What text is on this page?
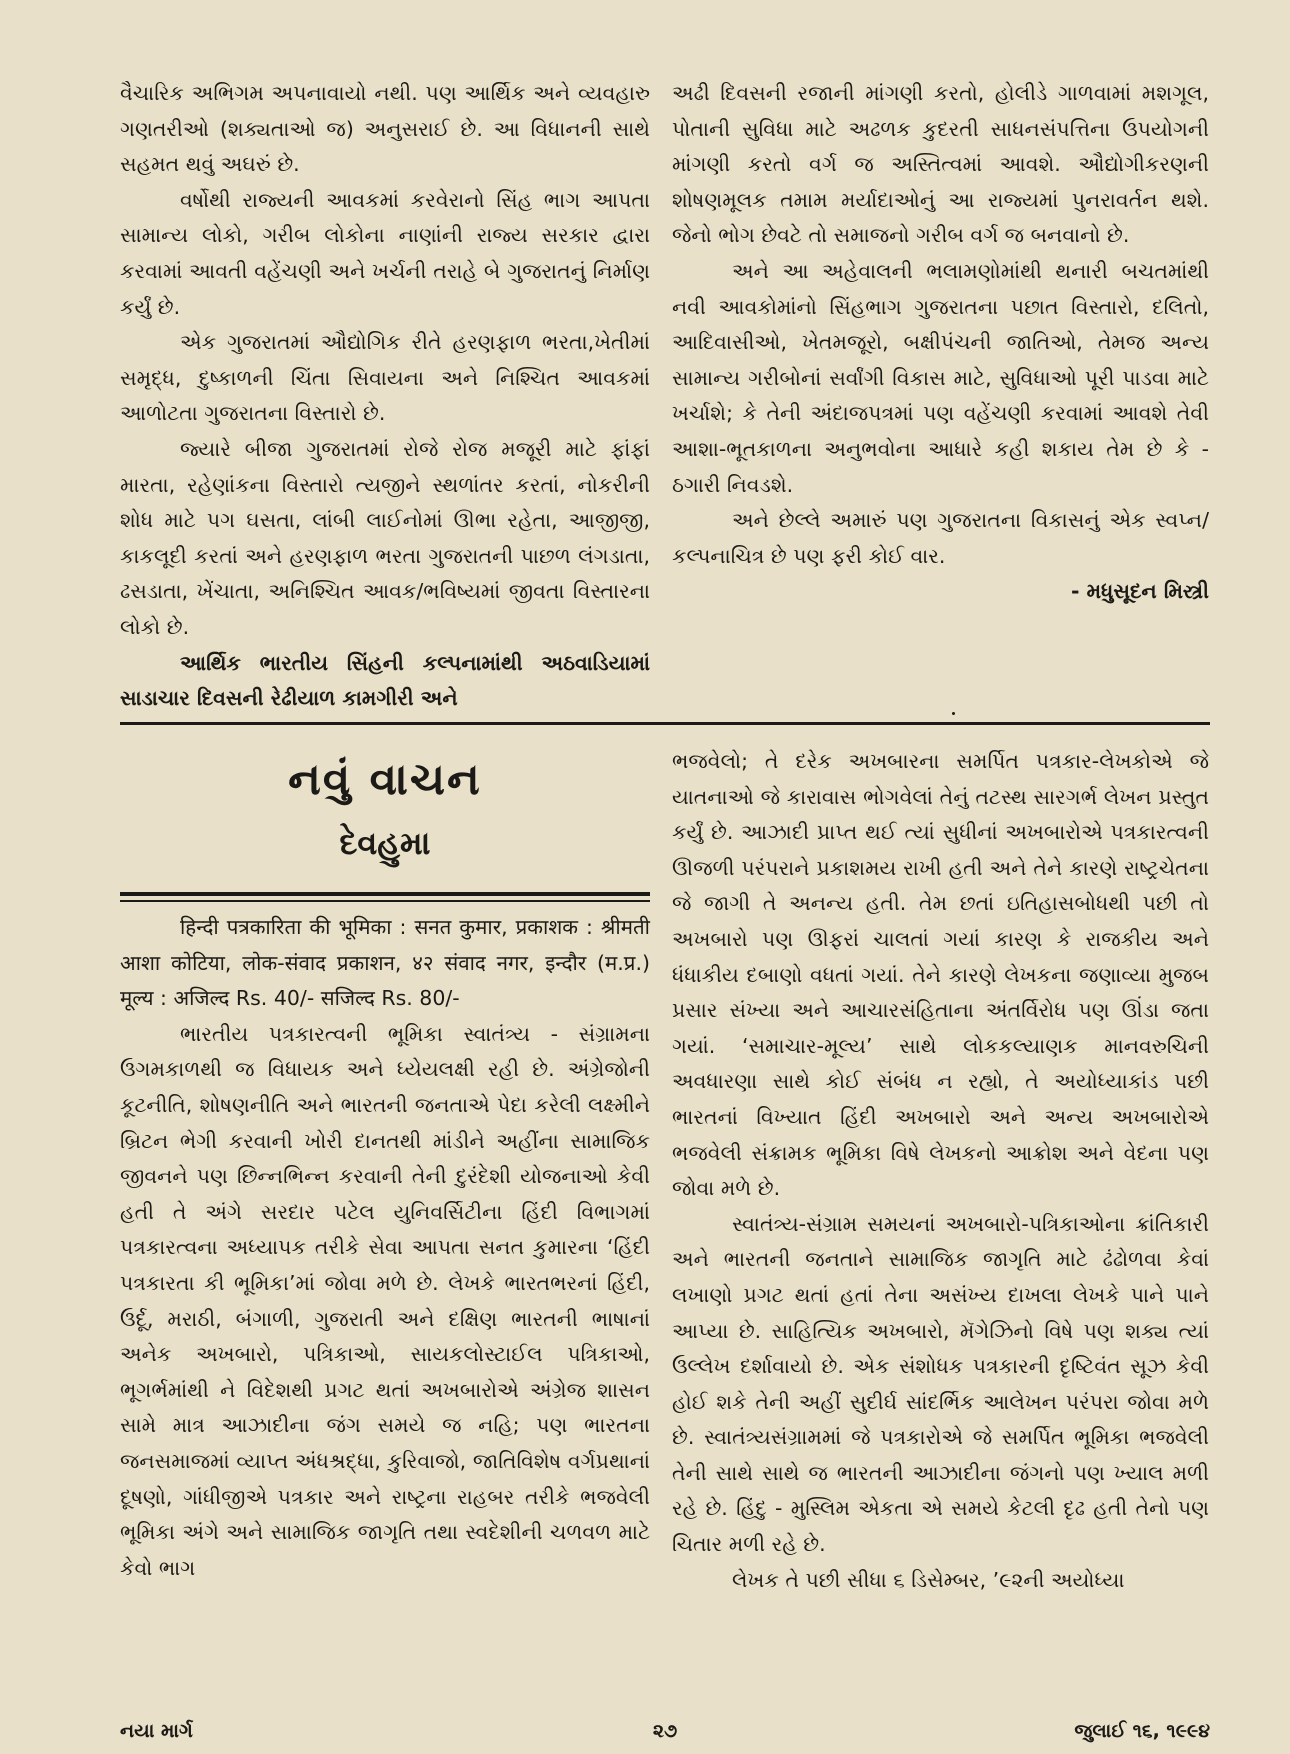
વૈચારિક અભિગમ અપનાવાયો નથી. પણ આર્થિક અને વ્યવહારુ ગણતરીઓ (શક્યતાઓ જ) અનુસરાઈ છે. આ વિધાનની સાથે સહમત થવું અઘરું છે.

વર્ષોથી રાજ્યની આવકમાં કરવેરાનો સિંહ ભાગ આપતા સામાન્ય લોકો, ગરીબ લોકોના નાણાંની રાજ્ય સરકાર દ્વારા કરવામાં આવતી વહેંચણી અને ખર્ચની તરાહે બે ગુજરાતનું નિર્માણ કર્યું છે.

એક ગુજરાતમાં ઔદ્યોગિક રીતે હરણફાળ ભરતા,ખેતીમાં સમૃદ્ધ, દુષ્કાળની ચિંતા સિવાયના અને નિશ્ચિત આવકમાં આળોટતા ગુજરાતના વિસ્તારો છે.

જ્યારે બીજા ગુજરાતમાં રોજે રોજ મજૂરી માટે ફાંફાં મારતા, રહેણાંકના વિસ્તારો ત્યજીને સ્થળાંતર કરતાં, નોકરીની શોધ માટે પગ ઘસતા, લાંબી લાઈનોમાં ઊભા રહેતા, આજીજી, કાકલૂદી કરતાં અને હરણફાળ ભરતા ગુજરાતની પાછળ લંગડાતા, ઢસડાતા, ખેંચાતા, અનિશ્ચિત આવક/ભવિષ્યમાં જીવતા વિસ્તારના લોકો છે.

આર્થિક ભારતીય સિંહની કલ્પનામાંથી અઠવાડિયામાં સાડાચાર દિવસની રેઢીયાળ કામગીરી અને

અઢી દિવસની રજાની માંગણી કરતો, હોલીડે ગાળવામાં મશગૂલ, પોતાની સુવિધા માટે અઢળક કુદરતી સાધનસંપત્તિના ઉપયોગની માંગણી કરતો વર્ગ જ અસ્તિત્વમાં આવશે. ઔદ્યોગીકરણની શોષણમૂલક તમામ મર્યાદાઓનું આ રાજ્યમાં પુનરાવર્તન થશે. જેનો ભોગ છેવટે તો સમાજનો ગરીબ વર્ગ જ બનવાનો છે.

અને આ અહેવાલની ભલામણોમાંથી થનારી બચતમાંથી નવી આવકોમાંનો સિંહભાગ ગુજરાતના પછાત વિસ્તારો, દલિતો, આદિવાસીઓ, ખેતમજૂરો, બક્ષીપંચની જાતિઓ, તેમજ અન્ય સામાન્ય ગરીબોનાં સર્વાંગી વિકાસ માટે, સુવિધાઓ પૂરી પાડવા માટે ખર્ચાશે; કે તેની અંદાજપત્રમાં પણ વહેંચણી કરવામાં આવશે તેવી આશા-ભૂતકાળના અનુભવોના આધારે કહી શકાય તેમ છે કે - ઠગારી નિવડશે.

અને છેલ્લે અમારું પણ ગુજરાતના વિકાસનું એક સ્વપ્ન/કલ્પનાચિત્ર છે પણ ફરી કોઈ વાર.

- મધુસૂદન મિસ્ત્રી

નવું વાચન
દેવહુમા

हिन्दी पत्रकारिता की भूमिका : सनत कुमार, प्रकाशक : श्रीमती आशा कोटिया, लोक-संवाद प्रकाशन, ४२ संवाद नगर, इन्दौर (म.प्र.) मूल्य : अजिल्द Rs. 40/- सजिल्द Rs. 80/-

ભારતીય પત્રકારત્વની ભૂમિકા સ્વાતંત્ર્ય - સંગ્રામના ઉગમકાળથી જ વિધાયક અને ધ્યેયલક્ષી રહી છે. અંગ્રેજોની કૂટનીતિ, શોષણનીતિ અને ભારતની જનતાએ પેદા કરેલી લક્ષ્મીને બ્રિટન ભેગી કરવાની ખોરી દાનતથી માંડીને અહીંના સામાજિક જીવનને પણ છિન્નભિન્ન કરવાની તેની દુરંદેશી યોજનાઓ કેવી હતી તે અંગે સરદાર પટેલ યુનિવર્સિટીના હિંદી વિભાગમાં પત્રકારત્વના અધ્યાપક તરીકે સેવા આપતા સનત કુમારના ‘હિંદી પત્રકારતા કી ભૂમિકા’માં જોવા મળે છે. લેખકે ભારતભરનાં હિંદી, ઉર્દૂ, મરાઠી, બંગાળી, ગુજરાતી અને દક્ષિણ ભારતની ભાષાનાં અનેક અખબારો, પત્રિકાઓ, સાયકલોસ્ટાઈલ પત્રિકાઓ, ભૂગર્ભમાંથી ને વિદેશથી પ્રગટ થતાં અખબારોએ અંગ્રેજ શાસન સામે માત્ર આઝાદીના જંગ સમયે જ નહિ; પણ ભારતના જનસમાજમાં વ્યાપ્ત અંધશ્રદ્ધા, કુરિવાજો, જાતિવિશેષ વર્ગપ્રથાનાં દૂષણો, ગાંધીજીએ પત્રકાર અને રાષ્ટ્રના રાહબર તરીકે ભજવેલી ભૂમિકા અંગે અને સામાજિક જાગૃતિ તથા સ્વદેશીની ચળવળ માટે કેવો ભાગ

ભજવેલો; તે દરેક અખબારના સમર્પિત પત્રકાર-લેખકોએ જે યાતનાઓ જે કારાવાસ ભોગવેલાં તેનું તટસ્થ સારગર્ભ લેખન પ્રસ્તુત કર્યું છે. આઝાદી પ્રાપ્ત થઈ ત્યાં સુધીનાં અખબારોએ પત્રકારત્વની ઊજળી પરંપરાને પ્રકાશમય રાખી હતી અને તેને કારણે રાષ્ટ્રચેતના જે જાગી તે અનન્ય હતી. તેમ છતાં ઇતિહાસબોધથી પછી તો અખબારો પણ ઊફરાં ચાલતાં ગયાં કારણ કે રાજકીય અને ધંધાકીય દબાણો વધતાં ગયાં. તેને કારણે લેખકના જણાવ્યા મુજબ પ્રસાર સંખ્યા અને આચારસંહિતાના અંતર્વિરોધ પણ ઊંડા જતા ગયાં. ‘સમાચાર-મૂલ્ય’ સાથે લોકકલ્યાણક માનવરુચિની અવધારણા સાથે કોઈ સંબંધ ન રહ્યો, તે અયોધ્યાકાંડ પછી ભારતનાં વિખ્યાત હિંદી અખબારો અને અન્ય અખબારોએ ભજવેલી સંક્રામક ભૂમિકા વિષે લેખકનો આક્રોશ અને વેદના પણ જોવા મળે છે.

સ્વાતંત્ર્ય-સંગ્રામ સમયનાં અખબારો-પત્રિકાઓના ક્રાંતિકારી અને ભારતની જનતાને સામાજિક જાગૃતિ માટે ઢંઢોળવા કેવાં લખાણો પ્રગટ થતાં હતાં તેના અસંખ્ય દાખલા લેખકે પાને પાને આપ્યા છે. સાહિત્યિક અખબારો, મૅગેઝિનો વિષે પણ શક્ય ત્યાં ઉલ્લેખ દર્શાવાયો છે. એક સંશોધક પત્રકારની દૃષ્ટિવંત સૂઝ કેવી હોઈ શકે તેની અહીં સુદીર્ઘ સાંદર્ભિક આલેખન પરંપરા જોવા મળે છે. સ્વાતંત્ર્યસંગ્રામમાં જે પત્રકારોએ જે સમર્પિત ભૂમિકા ભજવેલી તેની સાથે સાથે જ ભારતની આઝાદીના જંગનો પણ ખ્યાલ મળી રહે છે. હિંદુ - મુસ્લિમ એકતા એ સમયે કેટલી દૃઢ હતી તેનો પણ ચિતાર મળી રહે છે.

લેખક તે પછી સીધા ૬ ડિસેમ્બર, ’૯૨ની અયોધ્યા

નયા માર્ગ	૨૭	જુલાઈ ૧૬, ૧૯૯૪
